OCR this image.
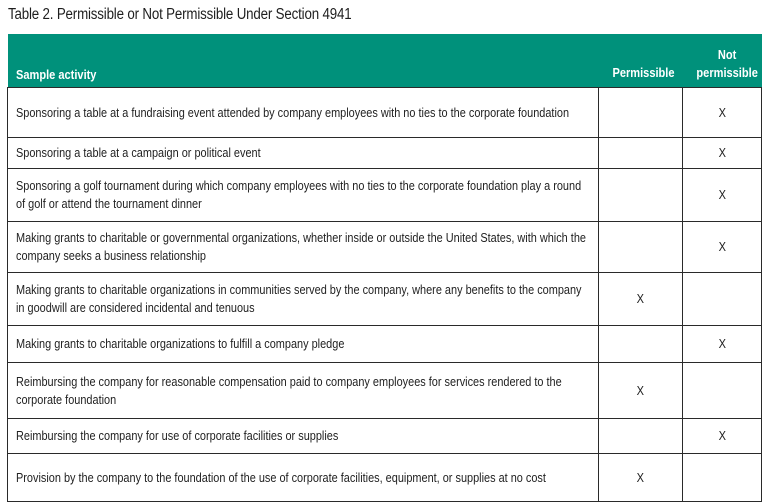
Table 2. Permissible or Not Permissible Under Section 4941
Sample activity	Permissible	Not
permissible
Sponsoring a table at a fundraising event attended by company employees with no ties to the corporate foundation		X
Sponsoring a table at a campaign or political event		X
Sponsoring a golf tournament during which company employees with no ties to the corporate foundation play a round of golf or attend the tournament dinner		X
Making grants to charitable or governmental organizations, whether inside or outside the United States, with which the company seeks a business relationship		X
Making grants to charitable organizations in communities served by the company, where any benefits to the company in goodwill are considered incidental and tenuous	X	
Making grants to charitable organizations to fulfill a company pledge		X
Reimbursing the company for reasonable compensation paid to company employees for services rendered to the corporate foundation	X	
Reimbursing the company for use of corporate facilities or supplies		X
Provision by the company to the foundation of the use of corporate facilities, equipment, or supplies at no cost	X	
